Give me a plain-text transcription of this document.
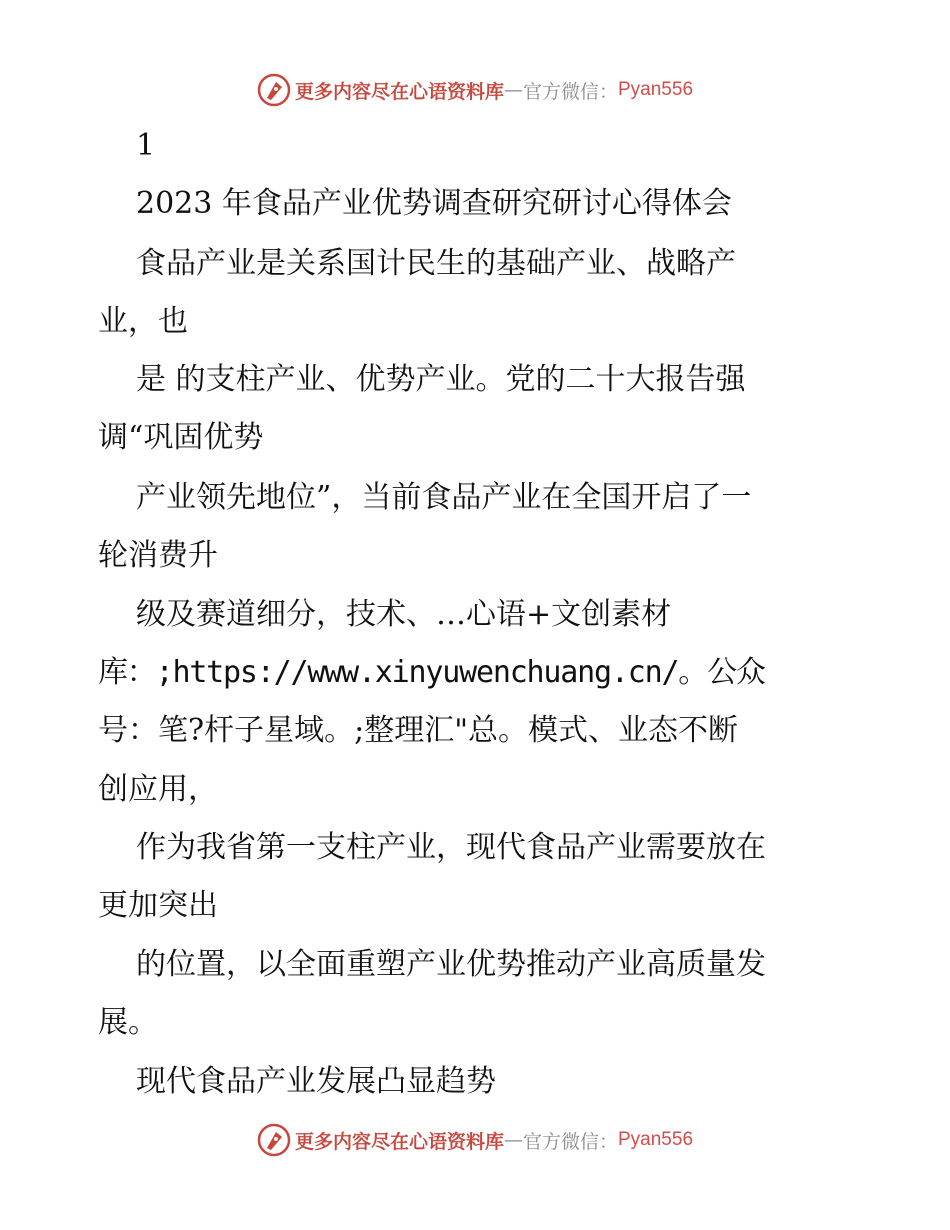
更多内容尽在心语资料库 — 官方微信： Pyan556
1
2023 年食品产业优势调查研究研讨心得体会
食品产业是关系国计民生的基础产业、战略产
业，也
是 的支柱产业、优势产业。党的二十大报告强
调“巩固优势
产业领先地位”，当前食品产业在全国开启了一
轮消费升
级及赛道细分，技术、…心语+文创素材
库：;https://www.xinyuwenchuang.cn/。公众
号：笔?杆子星域。;整理汇"总。模式、业态不断
创应用，
作为我省第一支柱产业，现代食品产业需要放在
更加突出
的位置，以全面重塑产业优势推动产业高质量发
展。
现代食品产业发展凸显趋势
更多内容尽在心语资料库 — 官方微信： Pyan556
